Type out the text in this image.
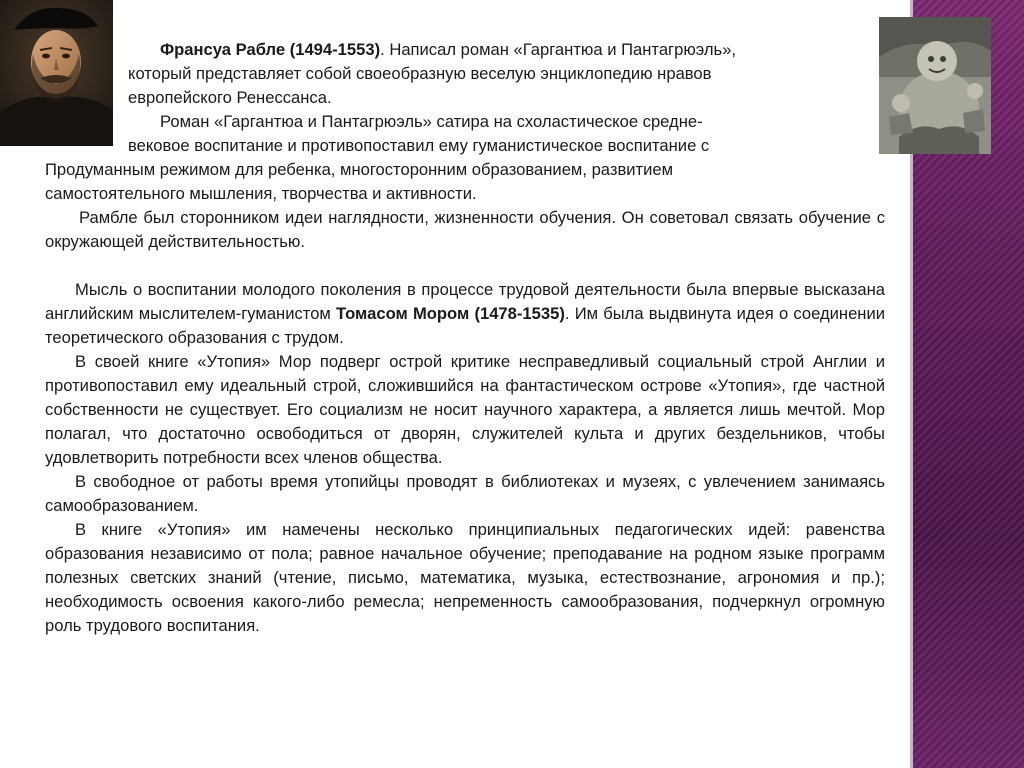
Франсуа Рабле (1494-1553). Написал роман «Гаргантюа и Пантагрюэль»,

который представляет собой своеобразную веселую энциклопедию нравов

европейского Ренессанса.

Роман «Гаргантюа и Пантагрюэль» сатира на схоластическое средне-

вековое воспитание и противопоставил ему гуманистическое воспитание с

Продуманным режимом для ребенка, многосторонним образованием, развитием

самостоятельного мышления, творчества и активности.

Рамбле был сторонником идеи наглядности, жизненности обучения. Он советовал связать обучение с окружающей действительностью.

Мысль о воспитании молодого поколения в процессе трудовой деятельности была впервые высказана английским мыслителем-гуманистом Томасом Мором (1478-1535). Им была выдвинута идея о соединении теоретического образования с трудом.

В своей книге «Утопия» Мор подверг острой критике несправедливый социальный строй Англии и противопоставил ему идеальный строй, сложившийся на фантастическом острове «Утопия», где частной собственности не существует. Его социализм не носит научного характера, а является лишь мечтой. Мор полагал, что достаточно освободиться от дворян, служителей культа и других бездельников, чтобы удовлетворить потребности всех членов общества.

В свободное от работы время утопийцы проводят в библиотеках и музеях, с увлечением занимаясь самообразованием.

В книге «Утопия» им намечены несколько принципиальных педагогических идей: равенства образования независимо от пола; равное начальное обучение; преподавание на родном языке программ полезных светских знаний (чтение, письмо, математика, музыка, естествознание, агрономия и пр.); необходимость освоения какого-либо ремесла; непременность самообразования, подчеркнул огромную роль трудового воспитания.
